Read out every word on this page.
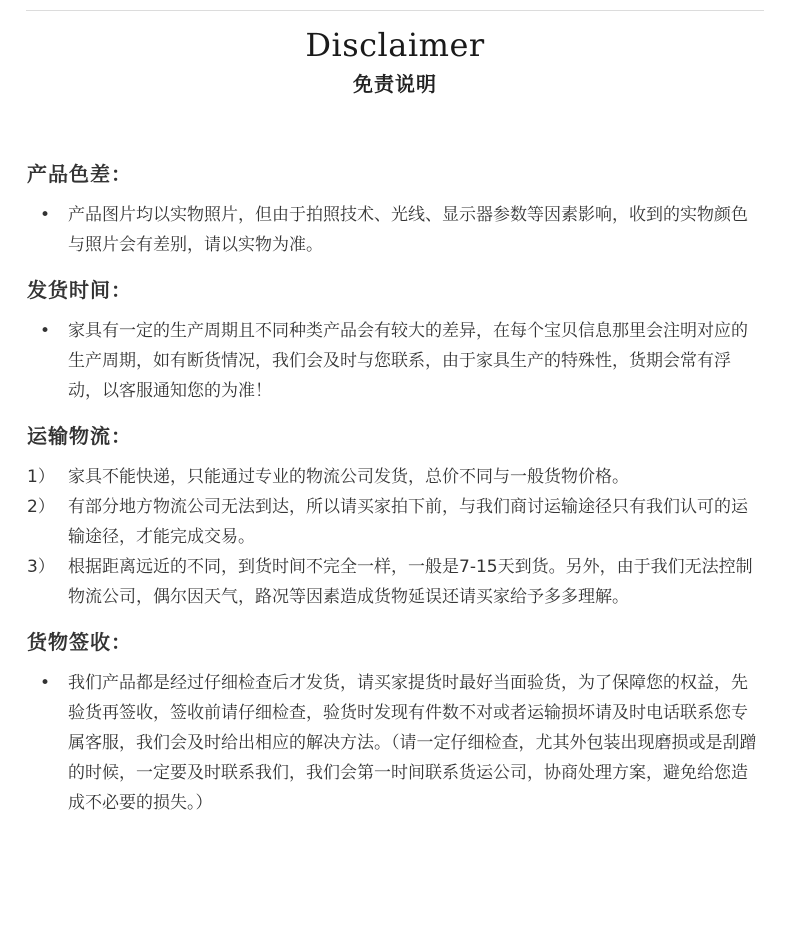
Disclaimer
免责说明
产品色差：
• 产品图片均以实物照片，但由于拍照技术、光线、显示器参数等因素影响，收到的实物颜色与照片会有差别，请以实物为准。
发货时间：
• 家具有一定的生产周期且不同种类产品会有较大的差异，在每个宝贝信息那里会注明对应的生产周期，如有断货情况，我们会及时与您联系，由于家具生产的特殊性，货期会常有浮动，以客服通知您的为准！
运输物流：
1） 家具不能快递，只能通过专业的物流公司发货，总价不同与一般货物价格。
2） 有部分地方物流公司无法到达，所以请买家拍下前，与我们商讨运输途径只有我们认可的运输途径，才能完成交易。
3） 根据距离远近的不同，到货时间不完全一样，一般是7-15天到货。另外，由于我们无法控制物流公司，偶尔因天气，路况等因素造成货物延误还请买家给予多多理解。
货物签收：
• 我们产品都是经过仔细检查后才发货，请买家提货时最好当面验货，为了保障您的权益，先验货再签收，签收前请仔细检查，验货时发现有件数不对或者运输损坏请及时电话联系您专属客服，我们会及时给出相应的解决方法。（请一定仔细检查，尤其外包装出现磨损或是刮蹭的时候，一定要及时联系我们，我们会第一时间联系货运公司，协商处理方案，避免给您造成不必要的损失。）
